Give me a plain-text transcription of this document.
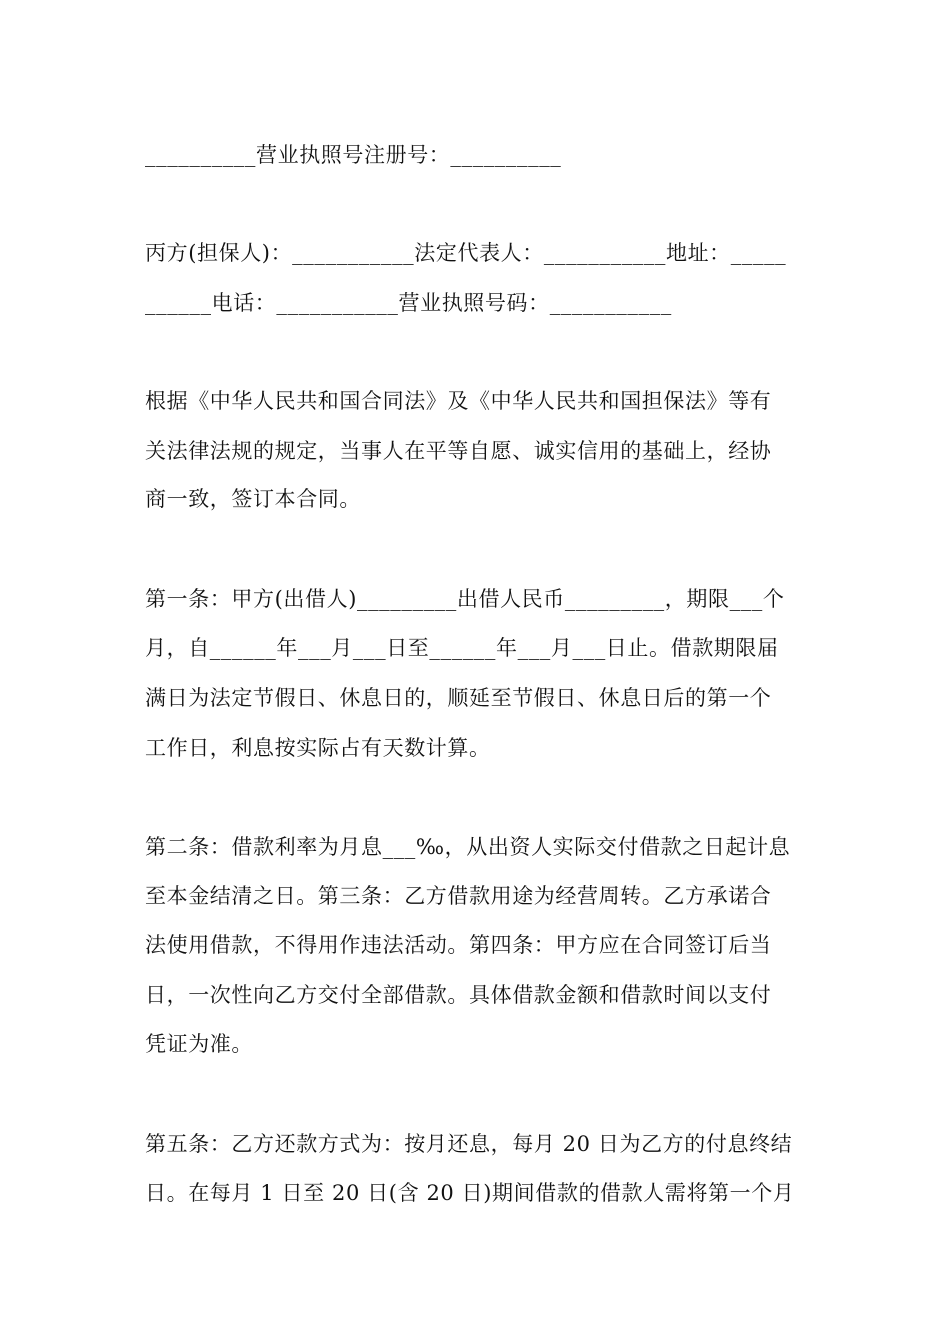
__________营业执照号注册号：__________
丙方(担保人)：___________法定代表人：___________地址：_____
______电话：___________营业执照号码：___________
根据《中华人民共和国合同法》及《中华人民共和国担保法》等有
关法律法规的规定，当事人在平等自愿、诚实信用的基础上，经协
商一致，签订本合同。
第一条：甲方(出借人)_________出借人民币_________，期限___个
月，自______年___月___日至______年___月___日止。借款期限届
满日为法定节假日、休息日的，顺延至节假日、休息日后的第一个
工作日，利息按实际占有天数计算。
第二条：借款利率为月息___‰，从出资人实际交付借款之日起计息
至本金结清之日。第三条：乙方借款用途为经营周转。乙方承诺合
法使用借款，不得用作违法活动。第四条：甲方应在合同签订后当
日，一次性向乙方交付全部借款。具体借款金额和借款时间以支付
凭证为准。
第五条：乙方还款方式为：按月还息，每月 20 日为乙方的付息终结
日。在每月 1 日至 20 日(含 20 日)期间借款的借款人需将第一个月
